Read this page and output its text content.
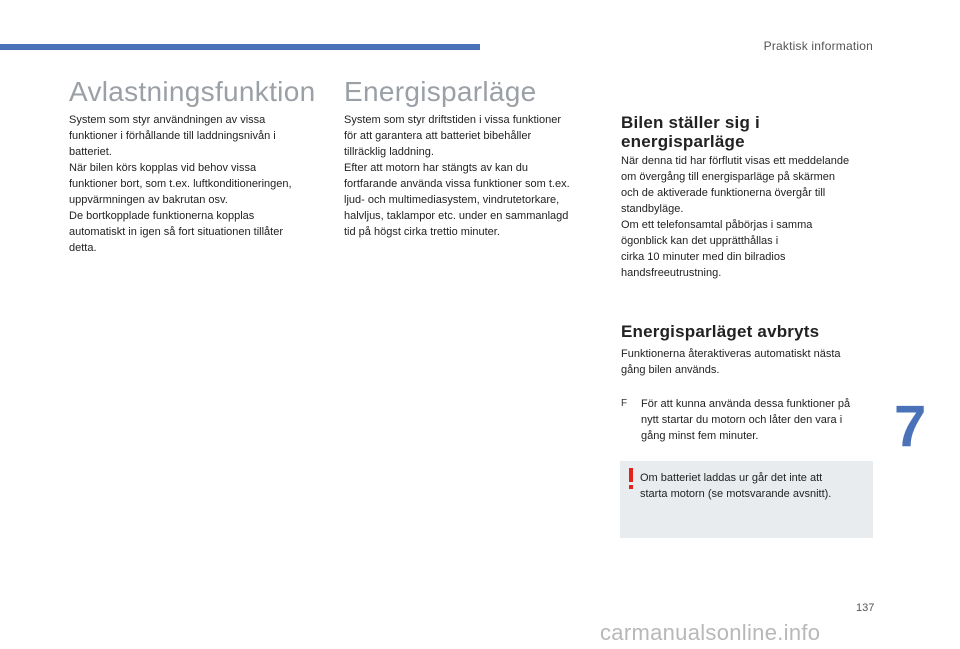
Praktisk information
7
Avlastningsfunktion

System som styr användningen av vissa
funktioner i förhållande till laddningsnivån i
batteriet.
När bilen körs kopplas vid behov vissa
funktioner bort, som t.ex. luftkonditioneringen,
uppvärmningen av bakrutan osv.
De bortkopplade funktionerna kopplas
automatiskt in igen så fort situationen tillåter
detta.

Energisparläge

System som styr driftstiden i vissa funktioner
för att garantera att batteriet bibehåller
tillräcklig laddning.
Efter att motorn har stängts av kan du
fortfarande använda vissa funktioner som t.ex.
ljud- och multimediasystem, vindrutetorkare,
halvljus, taklampor etc. under en sammanlagd
tid på högst cirka trettio minuter.

Bilen ställer sig i
energisparläge

När denna tid har förflutit visas ett meddelande
om övergång till energisparläge på skärmen
och de aktiverade funktionerna övergår till
standbyläge.
Om ett telefonsamtal påbörjas i samma
ögonblick kan det upprätthållas i
cirka 10 minuter med din bilradios
handsfreeutrustning.

Energisparläget avbryts

Funktionerna återaktiveras automatiskt nästa
gång bilen används.

F	För att kunna använda dessa funktioner på
nytt startar du motorn och låter den vara i
gång minst fem minuter.
Om batteriet laddas ur går det inte att
starta motorn (se motsvarande avsnitt).
137
carmanualsonline.info
